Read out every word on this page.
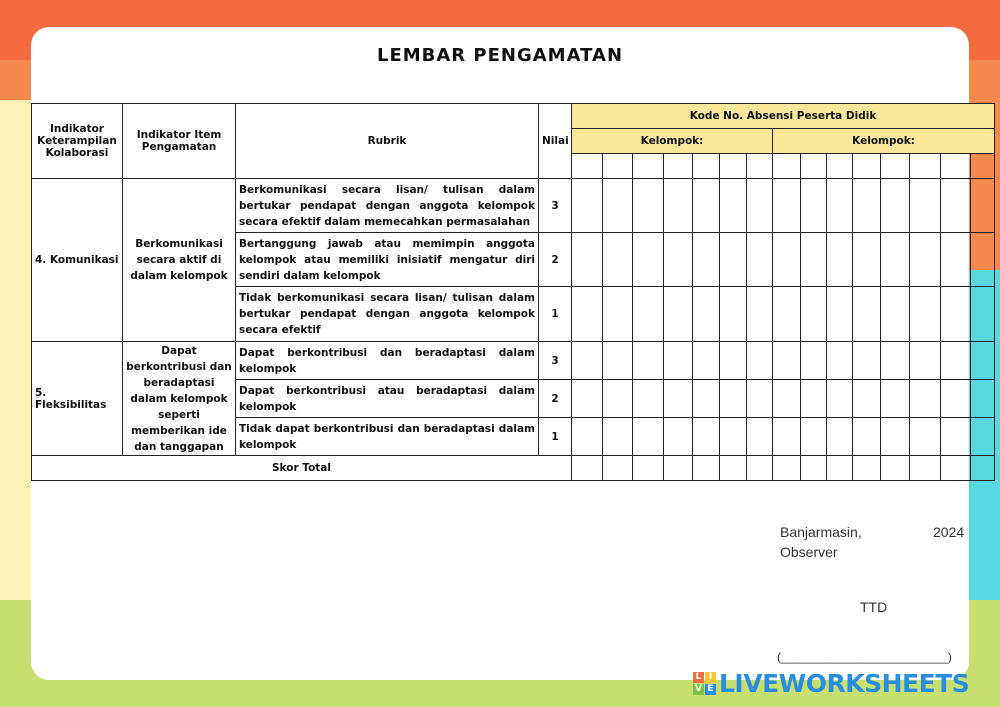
LEMBAR PENGAMATAN
Indikator Keterampilan Kolaborasi	Indikator Item Pengamatan	Rubrik	Nilai	Kode No. Absensi Peserta Didik														
				Kelompok:							Kelompok:							

4. Komunikasi	Berkomunikasi secara aktif di dalam kelompok	Berkomunikasi secara lisan/ tulisan dalam bertukar pendapat dengan anggota kelompok secara efektif dalam memecahkan permasalahan	3															
		Bertanggung jawab atau memimpin anggota kelompok atau memiliki inisiatif mengatur diri sendiri dalam kelompok	2															
		Tidak berkomunikasi secara lisan/ tulisan dalam bertukar pendapat dengan anggota kelompok secara efektif	1															
5. Fleksibilitas	Dapat berkontribusi dan beradaptasi dalam kelompok seperti memberikan ide dan tanggapan	Dapat berkontribusi dan beradaptasi dalam kelompok	3															
		Dapat berkontribusi atau beradaptasi dalam kelompok	2															
		Tidak dapat berkontribusi dan beradaptasi dalam kelompok	1															
Skor Total																		
Banjarmasin,	2024
Observer
TTD
(_________________________)
L I
V E LIVEWORKSHEETS
